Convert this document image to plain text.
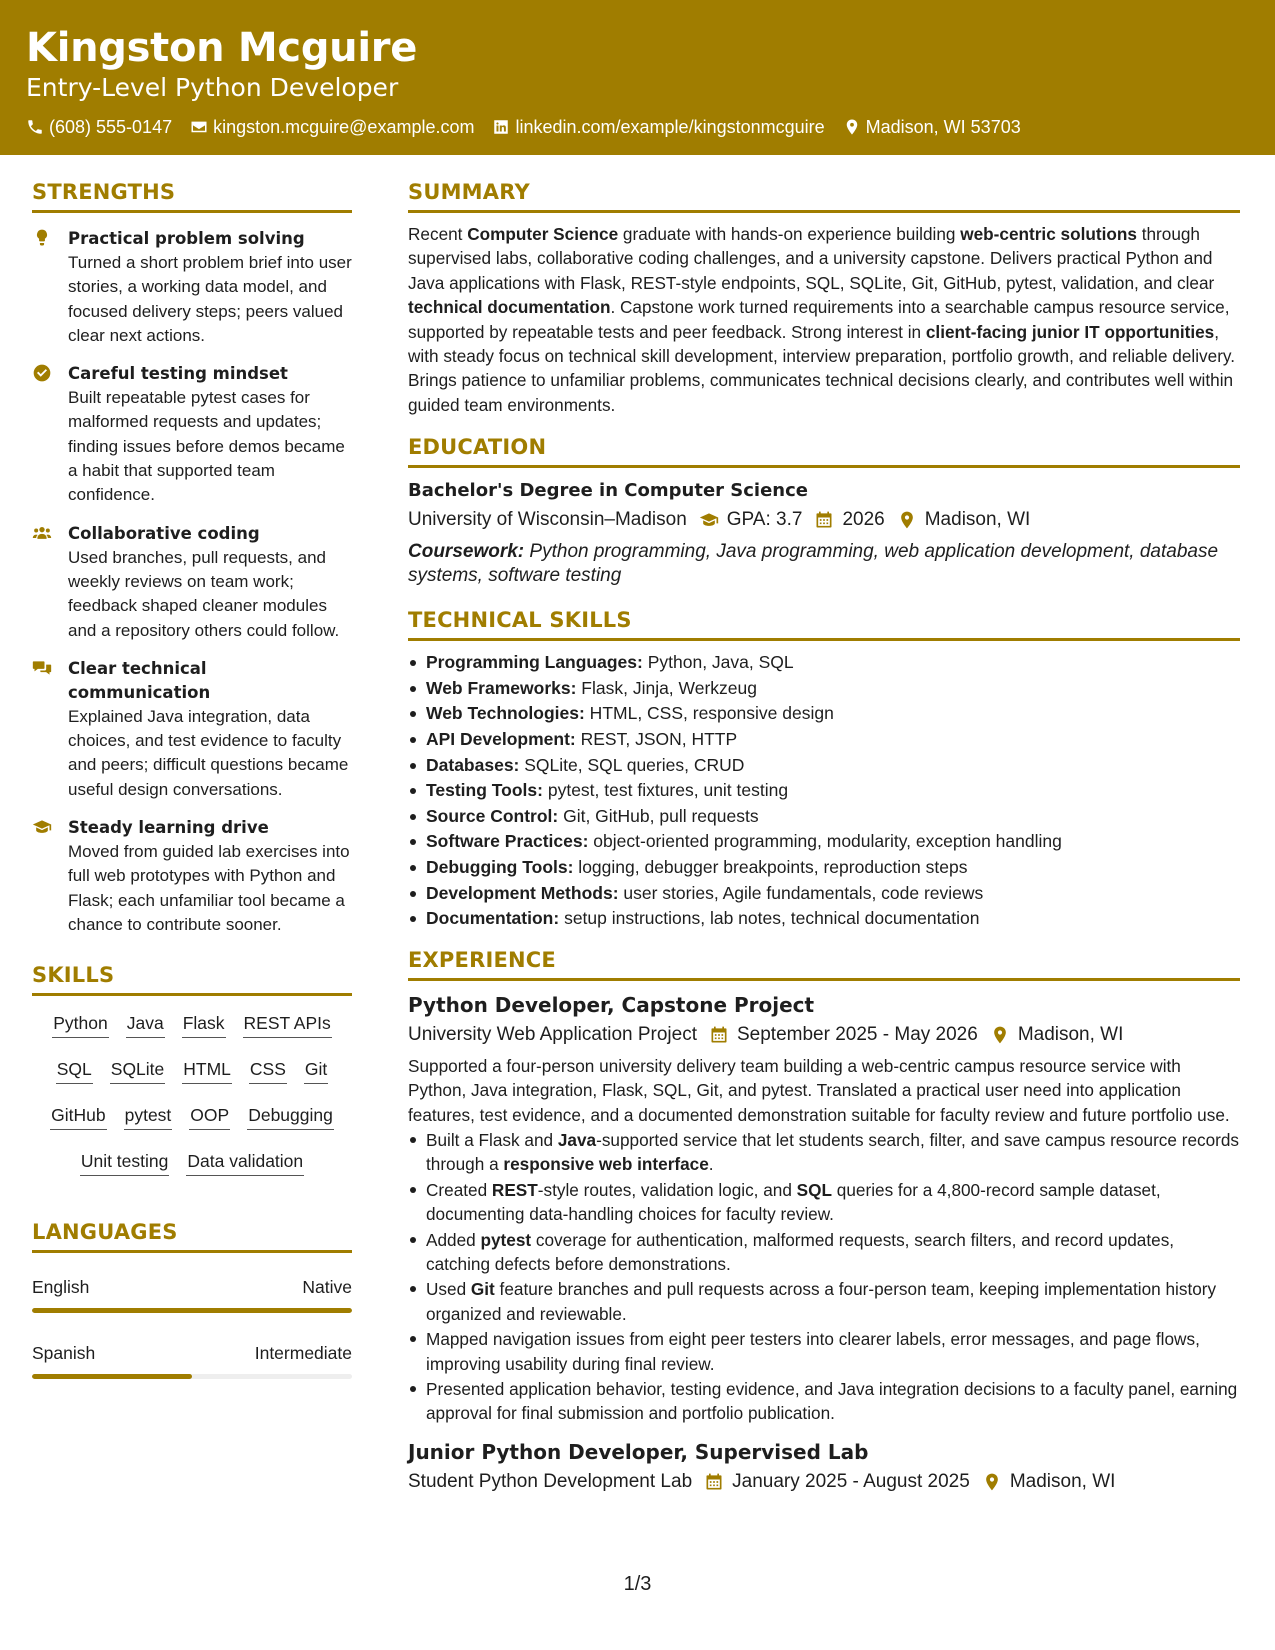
Kingston Mcguire
Entry-Level Python Developer
(608) 555-0147 kingston.mcguire@example.com linkedin.com/example/kingstonmcguire Madison, WI 53703
STRENGTHS
Practical problem solving
Turned a short problem brief into user stories, a working data model, and focused delivery steps; peers valued clear next actions.
Careful testing mindset
Built repeatable pytest cases for malformed requests and updates; finding issues before demos became a habit that supported team confidence.
Collaborative coding
Used branches, pull requests, and weekly reviews on team work; feedback shaped cleaner modules and a repository others could follow.
Clear technical communication
Explained Java integration, data choices, and test evidence to faculty and peers; difficult questions became useful design conversations.
Steady learning drive
Moved from guided lab exercises into full web prototypes with Python and Flask; each unfamiliar tool became a chance to contribute sooner.
SKILLS
Python Java Flask REST APIs
SQL SQLite HTML CSS Git
GitHub pytest OOP Debugging
Unit testing Data validation
LANGUAGES
English	Native
Spanish	Intermediate
SUMMARY

Recent Computer Science graduate with hands-on experience building web-centric solutions through supervised labs, collaborative coding challenges, and a university capstone. Delivers practical Python and Java applications with Flask, REST-style endpoints, SQL, SQLite, Git, GitHub, pytest, validation, and clear technical documentation. Capstone work turned requirements into a searchable campus resource service, supported by repeatable tests and peer feedback. Strong interest in client-facing junior IT opportunities, with steady focus on technical skill development, interview preparation, portfolio growth, and reliable delivery. Brings patience to unfamiliar problems, communicates technical decisions clearly, and contributes well within guided team environments.

EDUCATION
Bachelor's Degree in Computer Science
University of Wisconsin–Madison GPA: 3.7 2026 Madison, WI
Coursework: Python programming, Java programming, web application development, database systems, software testing
TECHNICAL SKILLS
Programming Languages: Python, Java, SQL
Web Frameworks: Flask, Jinja, Werkzeug
Web Technologies: HTML, CSS, responsive design
API Development: REST, JSON, HTTP
Databases: SQLite, SQL queries, CRUD
Testing Tools: pytest, test fixtures, unit testing
Source Control: Git, GitHub, pull requests
Software Practices: object-oriented programming, modularity, exception handling
Debugging Tools: logging, debugger breakpoints, reproduction steps
Development Methods: user stories, Agile fundamentals, code reviews
Documentation: setup instructions, lab notes, technical documentation
EXPERIENCE
Python Developer, Capstone Project
University Web Application Project September 2025 - May 2026 Madison, WI

Supported a four-person university delivery team building a web-centric campus resource service with Python, Java integration, Flask, SQL, Git, and pytest. Translated a practical user need into application features, test evidence, and a documented demonstration suitable for faculty review and future portfolio use.

Built a Flask and Java-supported service that let students search, filter, and save campus resource records through a responsive web interface.
Created REST-style routes, validation logic, and SQL queries for a 4,800-record sample dataset, documenting data-handling choices for faculty review.
Added pytest coverage for authentication, malformed requests, search filters, and record updates, catching defects before demonstrations.
Used Git feature branches and pull requests across a four-person team, keeping implementation history organized and reviewable.
Mapped navigation issues from eight peer testers into clearer labels, error messages, and page flows, improving usability during final review.
Presented application behavior, testing evidence, and Java integration decisions to a faculty panel, earning approval for final submission and portfolio publication.
Junior Python Developer, Supervised Lab
Student Python Development Lab January 2025 - August 2025 Madison, WI
1/3
